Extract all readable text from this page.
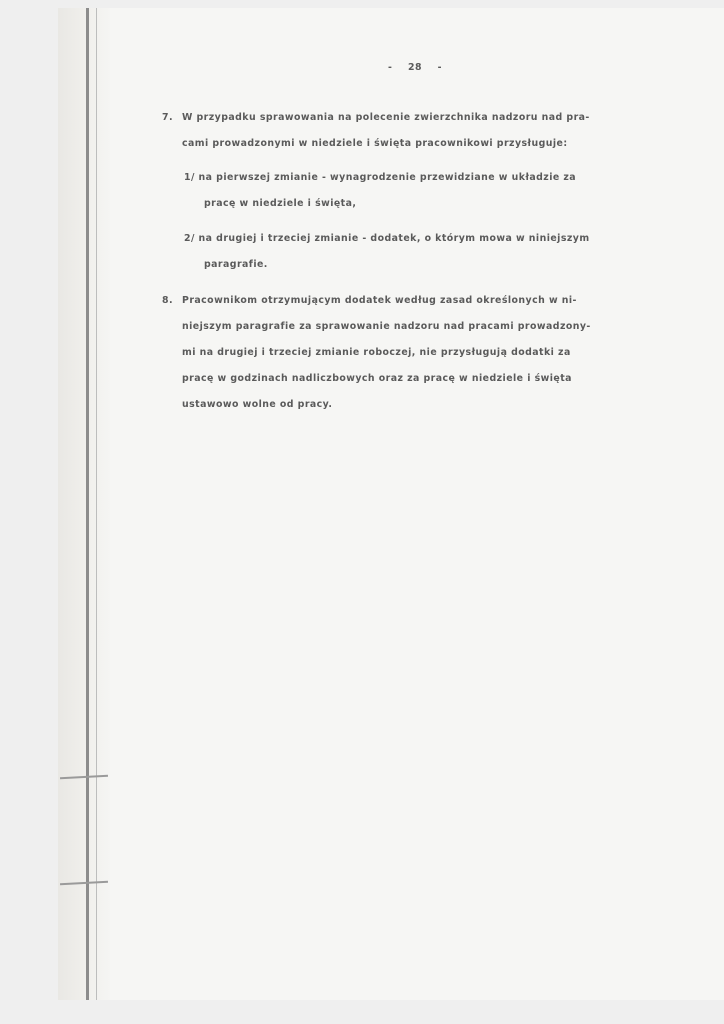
- 28 -
7. W przypadku sprawowania na polecenie zwierzchnika nadzoru nad pra-
cami prowadzonymi w niedziele i święta pracownikowi przysługuje:
1/ na pierwszej zmianie - wynagrodzenie przewidziane w układzie za
pracę w niedziele i święta,
2/ na drugiej i trzeciej zmianie - dodatek, o którym mowa w niniejszym
paragrafie.
8. Pracownikom otrzymującym dodatek według zasad określonych w ni-
niejszym paragrafie za sprawowanie nadzoru nad pracami prowadzony-
mi na drugiej i trzeciej zmianie roboczej, nie przysługują dodatki za
pracę w godzinach nadliczbowych oraz za pracę w niedziele i święta
ustawowo wolne od pracy.
